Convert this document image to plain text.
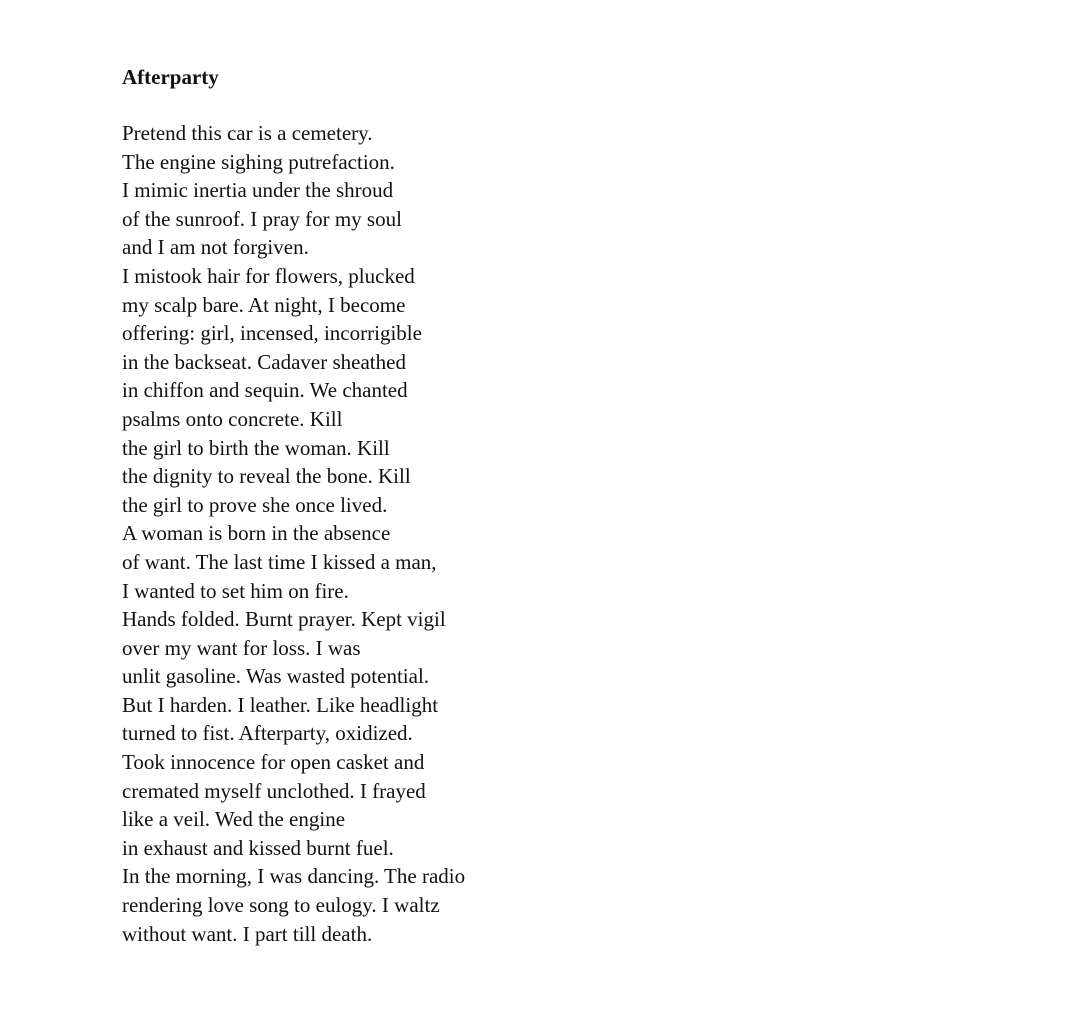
Afterparty
Pretend this car is a cemetery.
The engine sighing putrefaction.
I mimic inertia under the shroud
of the sunroof. I pray for my soul
and I am not forgiven.
I mistook hair for flowers, plucked
my scalp bare. At night, I become
offering: girl, incensed, incorrigible
in the backseat. Cadaver sheathed
in chiffon and sequin. We chanted
psalms onto concrete. Kill
the girl to birth the woman. Kill
the dignity to reveal the bone. Kill
the girl to prove she once lived.
A woman is born in the absence
of want. The last time I kissed a man,
I wanted to set him on fire.
Hands folded. Burnt prayer. Kept vigil
over my want for loss. I was
unlit gasoline. Was wasted potential.
But I harden. I leather. Like headlight
turned to fist. Afterparty, oxidized.
Took innocence for open casket and
cremated myself unclothed. I frayed
like a veil. Wed the engine
in exhaust and kissed burnt fuel.
In the morning, I was dancing. The radio
rendering love song to eulogy. I waltz
without want. I part till death.
